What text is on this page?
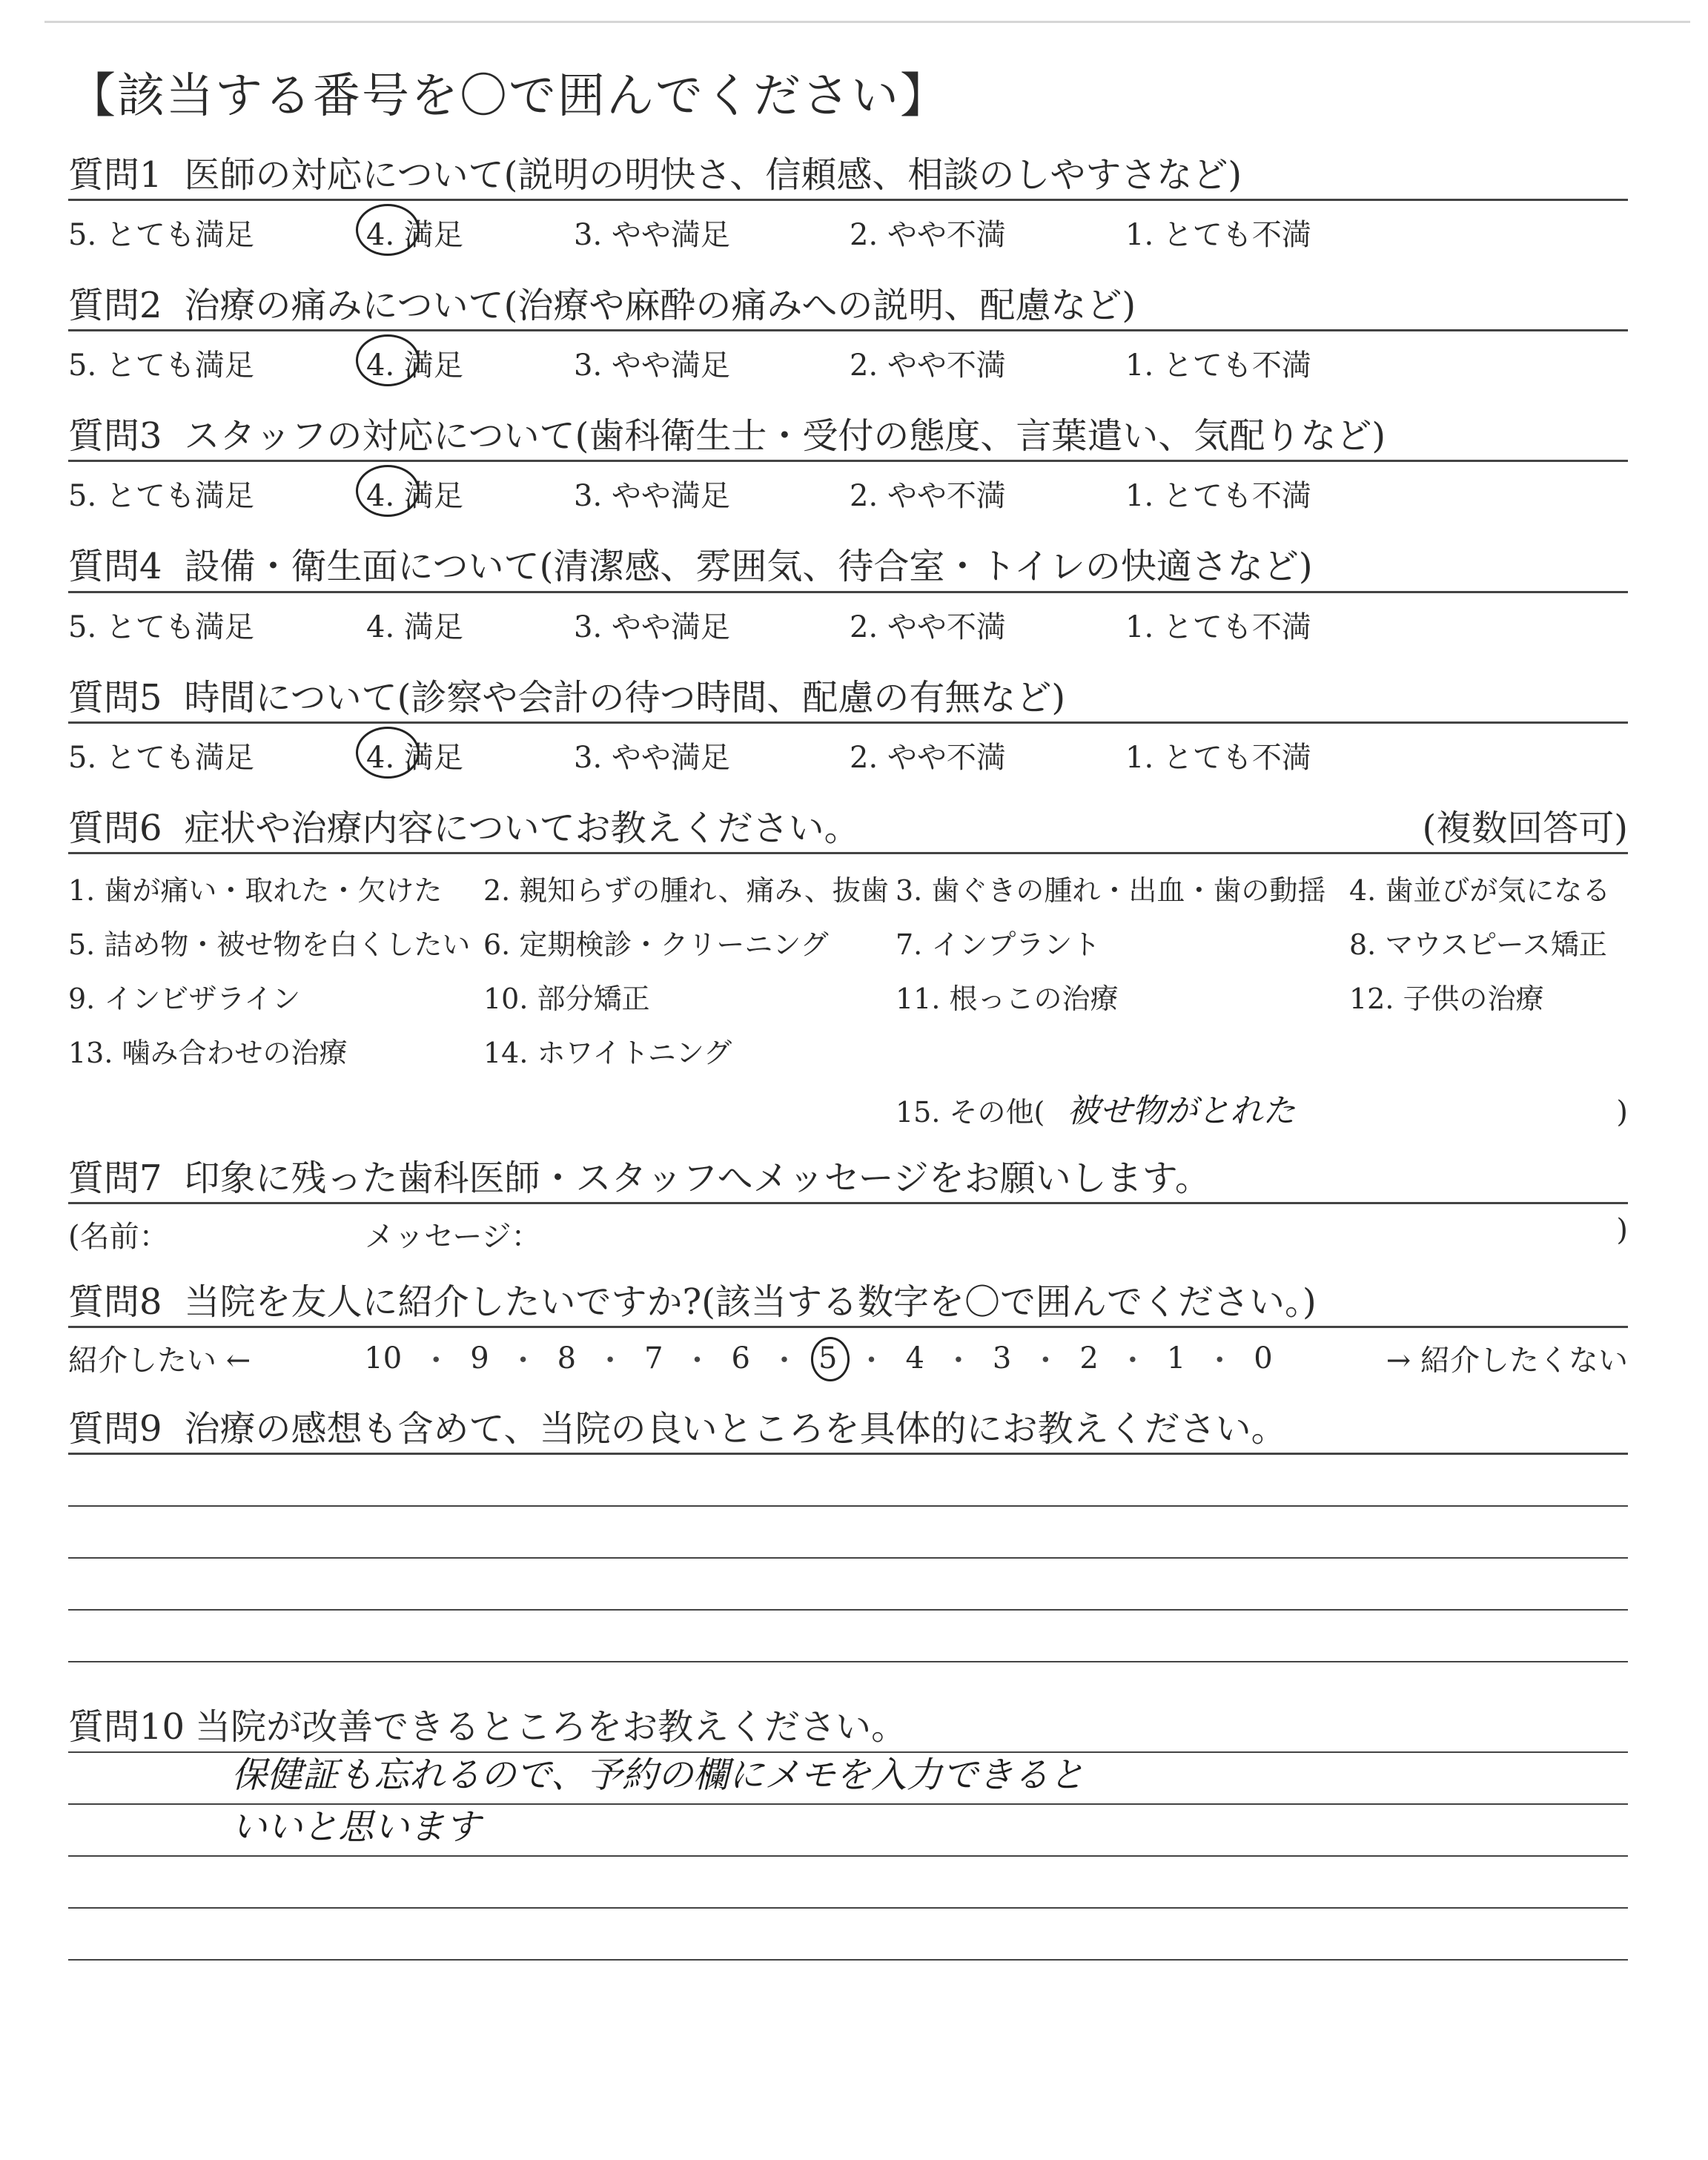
【該当する番号を〇で囲んでください】
質問1 医師の対応について(説明の明快さ、信頼感、相談のしやすさなど)
5. とても満足	4. 満足	3. やや満足	2. やや不満	1. とても不満
質問2 治療の痛みについて(治療や麻酔の痛みへの説明、配慮など)
5. とても満足	4. 満足	3. やや満足	2. やや不満	1. とても不満
質問3 スタッフの対応について(歯科衛生士・受付の態度、言葉遣い、気配りなど)
5. とても満足	4. 満足	3. やや満足	2. やや不満	1. とても不満
質問4 設備・衛生面について(清潔感、雰囲気、待合室・トイレの快適さなど)
5. とても満足	4. 満足	3. やや満足	2. やや不満	1. とても不満
質問5 時間について(診察や会計の待つ時間、配慮の有無など)
5. とても満足	4. 満足	3. やや満足	2. やや不満	1. とても不満
質問6 症状や治療内容についてお教えください。	(複数回答可)
1. 歯が痛い・取れた・欠けた	2. 親知らずの腫れ、痛み、抜歯 3. 歯ぐきの腫れ・出血・歯の動揺 4. 歯並びが気になる
5. 詰め物・被せ物を白くしたい 6. 定期検診・クリーニング	7. インプラント	8. マウスピース矯正
9. インビザライン	10. 部分矯正	11. 根っこの治療	12. 子供の治療
13. 噛み合わせの治療	14. ホワイトニング
15. その他( 被せ物がとれた	)
質問7 印象に残った歯科医師・スタッフへメッセージをお願いします。
(名前：	メッセージ：	)
質問8 当院を友人に紹介したいですか?(該当する数字を〇で囲んでください。)
紹介したい ←	10 ・ 9 ・ 8 ・ 7 ・ 6 ・ 5 ・ 4 ・ 3 ・ 2 ・ 1 ・ 0	→ 紹介したくない
質問9 治療の感想も含めて、当院の良いところを具体的にお教えください。
質問10 当院が改善できるところをお教えください。
保健証も忘れるので、予約の欄にメモを入力できると
いいと思います
